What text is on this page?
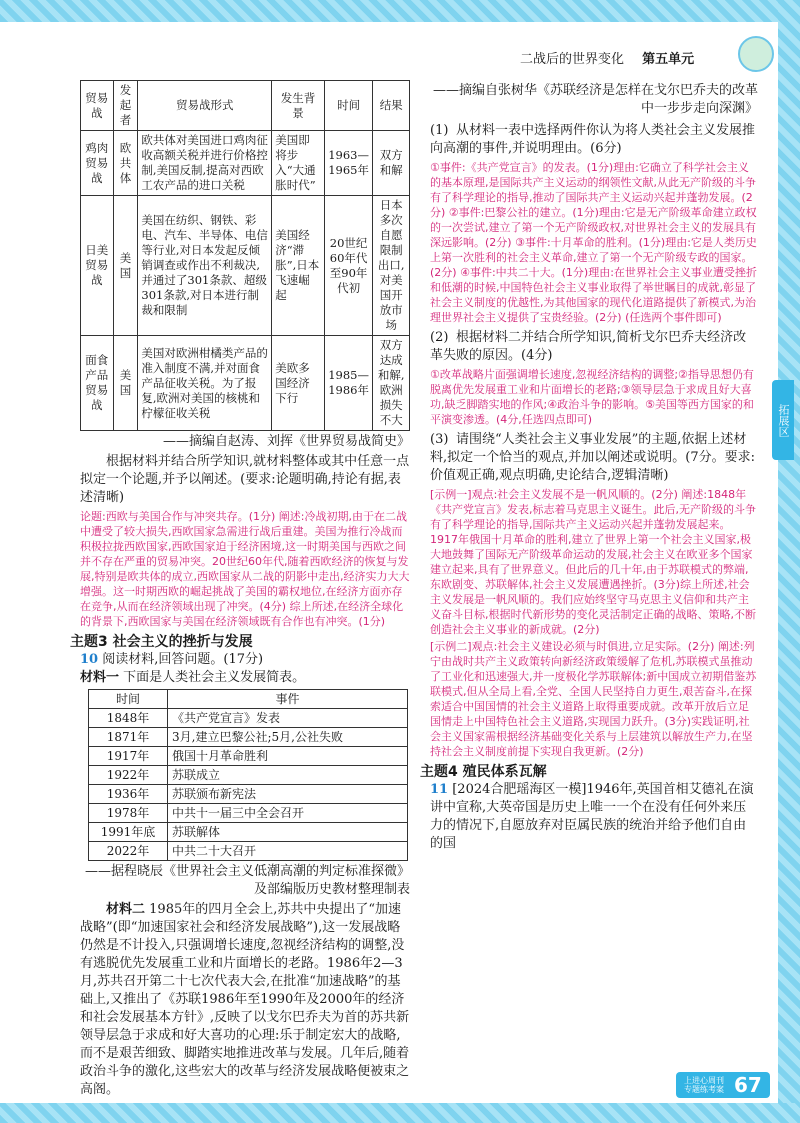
二战后的世界变化 第五单元
拓展区
贸易战	发起者	贸易战形式	发生背景	时间	结果
鸡肉贸易战	欧共体	欧共体对美国进口鸡肉征收高额关税并进行价格控制,美国反制,提高对西欧工农产品的进口关税	美国即将步入“大通胀时代”	1963—1965年	双方和解
日美贸易战	美国	美国在纺织、钢铁、彩电、汽车、半导体、电信等行业,对日本发起反倾销调查或作出不利裁决,并通过了301条款、超级301条款,对日本进行制裁和限制	美国经济“滞胀”,日本飞速崛起	20世纪60年代至90年代初	日本多次自愿限制出口,对美国开放市场
面食产品贸易战	美国	美国对欧洲柑橘类产品的准入制度不满,并对面食产品征收关税。为了报复,欧洲对美国的核桃和柠檬征收关税	美欧多国经济下行	1985—1986年	双方达成和解,欧洲损失不大

——摘编自赵涛、刘挥《世界贸易战简史》

根据材料并结合所学知识,就材料整体或其中任意一点拟定一个论题,并予以阐述。(要求:论题明确,持论有据,表述清晰)

论题:西欧与美国合作与冲突共存。(1分) 阐述:冷战初期,由于在二战中遭受了较大损失,西欧国家急需进行战后重建。美国为推行冷战而积极拉拢西欧国家,西欧国家迫于经济困境,这一时期美国与西欧之间并不存在严重的贸易冲突。20世纪60年代,随着西欧经济的恢复与发展,特别是欧共体的成立,西欧国家从二战的阴影中走出,经济实力大大增强。这一时期西欧的崛起挑战了美国的霸权地位,在经济方面亦存在竞争,从而在经济领域出现了冲突。(4分) 综上所述,在经济全球化的背景下,西欧国家与美国在经济领域既有合作也有冲突。(1分)

主题3 社会主义的挫折与发展
10 阅读材料,回答问题。(17分)
材料一 下面是人类社会主义发展简表。
时间	事件
1848年	《共产党宣言》发表
1871年	3月,建立巴黎公社;5月,公社失败
1917年	俄国十月革命胜利
1922年	苏联成立
1936年	苏联颁布新宪法
1978年	中共十一届三中全会召开
1991年底	苏联解体
2022年	中共二十大召开

——据程晓辰《世界社会主义低潮高潮的判定标准探微》及部编版历史教材整理制表

材料二 1985年的四月全会上,苏共中央提出了“加速战略”(即“加速国家社会和经济发展战略”),这一发展战略仍然是不计投入,只强调增长速度,忽视经济结构的调整,没有逃脱优先发展重工业和片面增长的老路。1986年2—3月,苏共召开第二十七次代表大会,在批准“加速战略”的基础上,又推出了《苏联1986年至1990年及2000年的经济和社会发展基本方针》,反映了以戈尔巴乔夫为首的苏共新领导层急于求成和好大喜功的心理:乐于制定宏大的战略,而不是艰苦细致、脚踏实地推进改革与发展。几年后,随着政治斗争的激化,这些宏大的改革与经济发展战略便被束之高阁。

——摘编自张树华《苏联经济是怎样在戈尔巴乔夫的改革中一步步走向深渊》

(1) 从材料一表中选择两件你认为将人类社会主义发展推向高潮的事件,并说明理由。(6分)

①事件:《共产党宣言》的发表。(1分)理由:它确立了科学社会主义的基本原理,是国际共产主义运动的纲领性文献,从此无产阶级的斗争有了科学理论的指导,推动了国际共产主义运动兴起并蓬勃发展。(2分) ②事件:巴黎公社的建立。(1分)理由:它是无产阶级革命建立政权的一次尝试,建立了第一个无产阶级政权,对世界社会主义的发展具有深远影响。(2分) ③事件:十月革命的胜利。(1分)理由:它是人类历史上第一次胜利的社会主义革命,建立了第一个无产阶级专政的国家。(2分) ④事件:中共二十大。(1分)理由:在世界社会主义事业遭受挫折和低潮的时候,中国特色社会主义事业取得了举世瞩目的成就,彰显了社会主义制度的优越性,为其他国家的现代化道路提供了新模式,为治理世界社会主义提供了宝贵经验。(2分) (任选两个事件即可)

(2) 根据材料二并结合所学知识,简析戈尔巴乔夫经济改革失败的原因。(4分)

①改革战略片面强调增长速度,忽视经济结构的调整;②指导思想仍有脱离优先发展重工业和片面增长的老路;③领导层急于求成且好大喜功,缺乏脚踏实地的作风;④政治斗争的影响。⑤美国等西方国家的和平演变渗透。(4分,任选四点即可)

(3) 请围绕“人类社会主义事业发展”的主题,依据上述材料,拟定一个恰当的观点,并加以阐述或说明。(7分。要求:价值观正确,观点明确,史论结合,逻辑清晰)

[示例一]观点:社会主义发展不是一帆风顺的。(2分) 阐述:1848年《共产党宣言》发表,标志着马克思主义诞生。此后,无产阶级的斗争有了科学理论的指导,国际共产主义运动兴起并蓬勃发展起来。1917年俄国十月革命的胜利,建立了世界上第一个社会主义国家,极大地鼓舞了国际无产阶级革命运动的发展,社会主义在欧亚多个国家建立起来,具有了世界意义。但此后的几十年,由于苏联模式的弊端,东欧剧变、苏联解体,社会主义发展遭遇挫折。(3分)综上所述,社会主义发展是一帆风顺的。我们应始终坚守马克思主义信仰和共产主义奋斗目标,根据时代新形势的变化灵活制定正确的战略、策略,不断创造社会主义事业的新成就。(2分)

[示例二]观点:社会主义建设必须与时俱进,立足实际。(2分) 阐述:列宁由战时共产主义政策转向新经济政策缓解了危机,苏联模式虽推动了工业化和迅速强大,并一度极化学苏联解体;新中国成立初期借鉴苏联模式,但从全局上看,全党、全国人民坚持自力更生,艰苦奋斗,在探索适合中国国情的社会主义道路上取得重要成就。改革开放后立足国情走上中国特色社会主义道路,实现国力跃升。(3分)实践证明,社会主义国家需根据经济基础变化关系与上层建筑以解放生产力,在坚持社会主义制度前提下实现自我更新。(2分)

主题4 殖民体系瓦解
11 [2024合肥瑶海区一模]1946年,英国首相艾德礼在演讲中宣称,大英帝国是历史上唯一一个在没有任何外来压力的情况下,自愿放弃对臣属民族的统治并给予他们自由的国
上进心周刊 专题练考案 67
